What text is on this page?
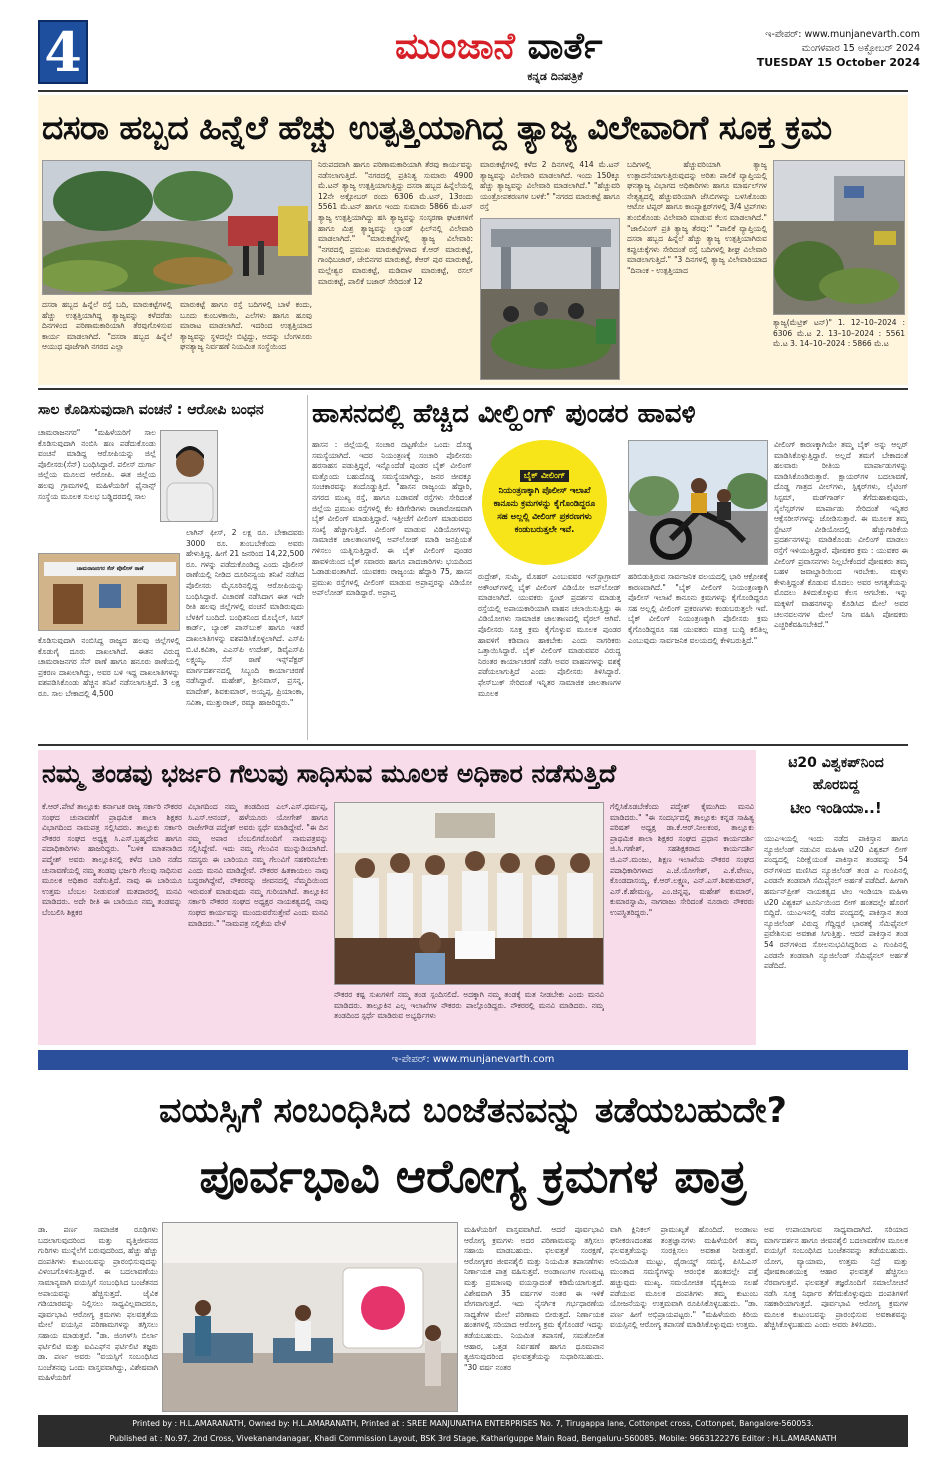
4	ಮುಂಜಾನೆ ವಾರ್ತೆ
ಕನ್ನಡ ದಿನಪತ್ರಿಕೆ
ಇ-ಪೇಪರ್: www.munjanevarth.com
ಮಂಗಳವಾರ 15 ಅಕ್ಟೋಬರ್ 2024
TUESDAY 15 October 2024
ದಸರಾ ಹಬ್ಬದ ಹಿನ್ನೆಲೆ ಹೆಚ್ಚು ಉತ್ಪತ್ತಿಯಾಗಿದ್ದ ತ್ಯಾಜ್ಯ ವಿಲೇವಾರಿಗೆ ಸೂಕ್ತ ಕ್ರಮ
ದಸರಾ ಹಬ್ಬದ ಹಿನ್ನೆಲೆ ರಸ್ತೆ ಬದಿ, ಮಾರುಕಟ್ಟೆಗಳಲ್ಲಿ ಹೆಚ್ಚು ಉತ್ಪತ್ತಿಯಾಗಿದ್ದ ತ್ಯಾಜ್ಯವನ್ನು ಕಳೆದರೆಡು ದಿನಗಳಿಂದ ಪರಿಣಾಮಕಾರಿಯಾಗಿ ತೆರವುಗೊಳಿಸುವ ಕಾರ್ಯ ಮಾಡಲಾಗಿದೆ. "ದಸರಾ ಹಬ್ಬದ ಹಿನ್ನೆಲೆ ಆಯುಧ ಪೂಜೆಗಾಗಿ ನಗರದ ಎಲ್ಲಾ
ಮಾರುಕಟ್ಟೆ ಹಾಗೂ ರಸ್ತೆ ಬದಿಗಳಲ್ಲಿ ಬಾಳೆ ಕಂದು, ಬೂದು ಕುಂಬಳಕಾಯಿ, ಎಲೆಗಳು ಹಾಗೂ ಹೂವು ಮಾರಾಟ ಮಾಡಲಾಗಿದೆ. ಇದರಿಂದ ಉತ್ಪತ್ತಿಯಾದ ತ್ಯಾಜ್ಯವನ್ನು ಸ್ಥಳದಲ್ಲೇ ಬಿಟ್ಟಿದ್ದು, ಅದನ್ನು ಬೆಂಗಳೂರು ಘನತ್ಯಾಜ್ಯ ನಿರ್ವಹಣೆ ನಿಯಮಿತ ಸಂಸ್ಥೆಯಿಂದ
ನಿರುಪದವಾಗಿ ಹಾಗೂ ಪರಿಣಾಮಕಾರಿಯಾಗಿ ತೆರವು ಕಾರ್ಯವನ್ನು ನಡೆಸಲಾಗುತ್ತಿದೆ. "ನಗರದಲ್ಲಿ ಪ್ರತಿನಿತ್ಯ ಸುಮಾರು 4900 ಮೆ.ಟನ್ ತ್ಯಾಜ್ಯ ಉತ್ಪತ್ತಿಯಾಗುತ್ತಿದ್ದು ದಸರಾ ಹಬ್ಬದ ಹಿನ್ನೆಲೆಯಲ್ಲಿ 12ನೇ ಅಕ್ಟೋಬರ್ ರಂದು 6306 ಮೆ.ಟನ್, 13ರಂದು 5561 ಮೆ.ಟನ್ ಹಾಗೂ ಇಂದು ಸುಮಾರು 5866 ಮೆ.ಟನ್ ತ್ಯಾಜ್ಯ ಉತ್ಪತ್ತಿಯಾಗಿದ್ದು ಹಸಿ ತ್ಯಾಜ್ಯವನ್ನು ಸಂಸ್ಕರಣಾ ಘಟಕಗಳಿಗೆ ಹಾಗೂ ಮಿಶ್ರ ತ್ಯಾಜ್ಯವನ್ನು ಲ್ಯಾಂಡ್ ಫಿಲ್‌ನಲ್ಲಿ ವಿಲೇವಾರಿ ಮಾಡಲಾಗಿದೆ." "ಮಾರುಕಟ್ಟೆಗಳಲ್ಲಿ ತ್ಯಾಜ್ಯ ವಿಲೇವಾರಿ: "ನಗರದಲ್ಲಿ ಪ್ರಮುಖ ಮಾರುಕಟ್ಟೆಗಳಾದ ಕೆ.ಆರ್ ಮಾರುಕಟ್ಟೆ, ಗಾಂಧಿಬಜಾರ್, ಜೇಬಿನಗರ ಮಾರುಕಟ್ಟೆ, ಕೆಆರ್ ಪುರ ಮಾರುಕಟ್ಟೆ, ಮಲ್ಲೇಶ್ವರ ಮಾರುಕಟ್ಟೆ, ಮಡಿವಾಳ ಮಾರುಕಟ್ಟೆ, ರಸಲ್ ಮಾರುಕಟ್ಟೆ, ಪಾಲಿಕೆ ಬಜಾರ್ ಸೇರಿದಂತೆ 12
ಮಾರುಕಟ್ಟೆಗಳಲ್ಲಿ ಕಳೆದ 2 ದಿನಗಳಲ್ಲಿ 414 ಮೆ.ಟನ್ ತ್ಯಾಜ್ಯವನ್ನು ವಿಲೇವಾರಿ ಮಾಡಲಾಗಿದೆ. ಇಂದು 150ಕ್ಕೂ ಹೆಚ್ಚು ತ್ಯಾಜ್ಯವನ್ನು ವಿಲೇವಾರಿ ಮಾಡಲಾಗಿದೆ." "ಹೆಚ್ಚುವರಿ ಯಂತ್ರೋಪಕರಣಗಳ ಬಳಕೆ:" "ನಗರದ ಮಾರುಕಟ್ಟೆ ಹಾಗೂ ರಸ್ತೆ
ಬದಿಗಳಲ್ಲಿ ಹೆಚ್ಚುವರಿಯಾಗಿ ತ್ಯಾಜ್ಯ ಉತ್ಪಾದನೆಯಾಗುತ್ತಿರುವುದನ್ನು ಅರಿತು ಪಾಲಿಕೆ ವ್ಯಾಪ್ತಿಯಲ್ಲಿ ಘನತ್ಯಾಜ್ಯ ವಿಭಾಗದ ಅಧಿಕಾರಿಗಳು ಹಾಗೂ ಮಾರ್ಷಲ್‌ಗಳ ನೇತೃತ್ವದಲ್ಲಿ ಹೆಚ್ಚುವರಿಯಾಗಿ ಜೆಸಿಬಿಗಳನ್ನು ಬಳಸಿಕೊಂಡು ಆಟೋ ಟಿಪ್ಪರ್ ಹಾಗೂ ಕಾಂಪ್ಯಾಕ್ಟರ್‌ಗಳಲ್ಲಿ 3/4 ಟ್ರಿಪ್‌ಗಳು ತುಂಬಿಕೊಂಡು ವಿಲೇವಾರಿ ಮಾಡುವ ಕೆಲಸ ಮಾಡಲಾಗಿದೆ." "ಜಾಲಿವಿಂಗ್ ಪ್ರತಿ ತ್ಯಾಜ್ಯ ತೆರವು:" "ಪಾಲಿಕೆ ವ್ಯಾಪ್ತಿಯಲ್ಲಿ ದಸರಾ ಹಬ್ಬದ ಹಿನ್ನೆಲೆ ಹೆಚ್ಚು ತ್ಯಾಜ್ಯ ಉತ್ಪತ್ತಿಯಾಗಿರುವ ಕಪ್ಪುಚುಕ್ಕೆಗಳು ಸೇರಿದಂತೆ ರಸ್ತೆ ಬದಿಗಳಲ್ಲಿ ಶೀಘ್ರ ವಿಲೇವಾರಿ ಮಾಡಲಾಗುತ್ತಿದೆ." "3 ದಿನಗಳಲ್ಲಿ ತ್ಯಾಜ್ಯ ವಿಲೇವಾರಿಯಾದ "ದಿನಾಂಕ - ಉತ್ಪತ್ತಿಯಾದ
ತ್ಯಾಜ್ಯ(ಮೆಟ್ರಿಕ್ ಟನ್)" 1. 12–10–2024 : 6306 ಮೆ.ಟ 2. 13–10–2024 : 5561 ಮೆ.ಟ 3. 14–10–2024 : 5866 ಮೆ.ಟ
ಸಾಲ ಕೊಡಿಸುವುದಾಗಿ ವಂಚನೆ : ಆರೋಪಿ ಬಂಧನ
ಚಾಮರಾಜನಗರ" "ಮಹಿಳೆಯರಿಗೆ ಸಾಲ ಕೊಡಿಸುವುದಾಗಿ ನಂಬಿಸಿ ಹಣ ಪಡೆದುಕೊಂಡು ವಂಚನೆ ಮಾಡಿದ್ದ ಆರೋಪಿಯನ್ನು ಜಿಲ್ಲೆ ಪೊಲೀಸರು(ಸೆನ್) ಬಂಧಿಸಿದ್ದಾರೆ. ಪಲೀಸ್ ದುರ್ಗಾ ಜಿಲ್ಲೆಯ ಮೂಲದ ಆರೋಪಿ. ಈತ ಜಿಲ್ಲೆಯ ಹಲವು ಗ್ರಾಮಗಳಲ್ಲಿ ಮಹಿಳೆಯರಿಗೆ ಫೈನಾನ್ಸ್ ಸಂಸ್ಥೆಯ ಮೂಲಕ ಸುಲಭ ಬಡ್ಡಿದರದಲ್ಲಿ ಸಾಲ
ಚಾಮರಾಜನಗರ ಸೆನ್ ಪೊಲೀಸ್ ಠಾಣೆ
ಕೊಡಿಸುವುದಾಗಿ ನಂಬಿಸಿದ್ದ ರಾಜ್ಯದ ಹಲವು ಜಿಲ್ಲೆಗಳಲ್ಲಿ ಕೊಡುಗೈ ದೂರು ದಾಖಲಾಗಿದೆ. ಈತನ ವಿರುದ್ಧ ಚಾಮರಾಜನಗರ ಸೆನ್ ಠಾಣೆ ಹಾಗೂ ಹನೂರು ಠಾಣೆಯಲ್ಲಿ ಪ್ರಕರಣ ದಾಖಲಾಗಿದ್ದು, ಅವರ ಬಳಿ ಇದ್ದ ದಾಖಲಾತಿಗಳನ್ನು ವಶಪಡಿಸಿಕೊಂಡು ಹೆಚ್ಚಿನ ತನಿಖೆ ನಡೆಸಲಾಗುತ್ತಿದೆ. 3 ಲಕ್ಷ ರೂ. ಸಾಲ ಬೇಕಾದಲ್ಲಿ 4,500
ಲಾಗಿನ್ ಫೀಸ್, 2 ಲಕ್ಷ ರೂ. ಬೇಕಾದವರು 3000 ರೂ. ತುಂಬಬೇಕೆಂದು ಅವರು ಹೇಳುತ್ತಿದ್ದ. ಹೀಗೆ 21 ಜನರಿಂದ 14,22,500 ರೂ. ಗಳನ್ನು ಪಡೆದುಕೊಂಡಿದ್ದ ಎಂದು ಪೊಲೀಸ್ ಠಾಣೆಯಲ್ಲಿ ನೀಡಿದ ದೂರಿನನ್ವಯ ತನಿಖೆ ನಡೆಸಿದ ಪೊಲೀಸರು ಮೈಸೂರಿನಲ್ಲಿದ್ದ ಆರೋಪಿಯನ್ನು ಬಂಧಿಸಿದ್ದಾರೆ. ವಿಚಾರಣೆ ನಡೆಸಿದಾಗ ಈತ ಇದೇ ರೀತಿ ಹಲವು ಜಿಲ್ಲೆಗಳಲ್ಲಿ ವಂಚನೆ ಮಾಡಿರುವುದು ಬೆಳಕಿಗೆ ಬಂದಿದೆ. ಬಂಧಿತನಿಂದ ಮೊಬೈಲ್, ಸಿಮ್ ಕಾರ್ಡ್, ಬ್ಯಾಂಕ್ ಪಾಸ್‌ಬುಕ್ ಹಾಗೂ ಇತರೆ ದಾಖಲಾತಿಗಳನ್ನು ವಶಪಡಿಸಿಕೊಳ್ಳಲಾಗಿದೆ. ಎಸ್‌ಪಿ ಬಿ.ಟಿ.ಕವಿತಾ, ಎಎಸ್‌ಪಿ ಉದೇಶ್, ಡಿವೈಎಸ್‌ಪಿ ಲಕ್ಷ್ಮಯ್ಯ, ಸೆನ್ ಠಾಣೆ ಇನ್ಸ್‌ಪೆಕ್ಟರ್ ಮಾರ್ಗದರ್ಶನದಲ್ಲಿ ಸಿಬ್ಬಂದಿ ಕಾರ್ಯಾಚರಣೆ ನಡೆಸಿದ್ದಾರೆ. ಮಹೇಶ್, ಶ್ರೀನಿವಾಸ್, ಪ್ರಸನ್ನ, ಮಾದೇಶ್, ಶಿವಕುಮಾರ್, ಅಯ್ಯಪ್ಪ, ಪ್ರಿಯಾಂಕಾ, ಸವಿತಾ, ಮುತ್ತುರಾಜ್, ರಮ್ಯಾ ಹಾಜರಿದ್ದರು."
ಹಾಸನದಲ್ಲಿ ಹೆಚ್ಚಿದ ವೀಲ್ಹಿಂಗ್ ಪುಂಡರ ಹಾವಳಿ
ಹಾಸನ : ಜಿಲ್ಲೆಯಲ್ಲಿ ಸಂಚಾರ ದಟ್ಟಣೆಯೇ ಒಂದು ದೊಡ್ಡ ಸಮಸ್ಯೆಯಾಗಿದೆ. ಇದರ ನಿಯಂತ್ರಣಕ್ಕೆ ಸಂಚಾರಿ ಪೊಲೀಸರು ಹರಸಾಹಸ ಪಡುತ್ತಿದ್ದರೆ, ಇನ್ನೊಂದೆಡೆ ಪುಂಡರ ಬೈಕ್ ವೀಲಿಂಗ್ ಮತ್ತೊಂದು ಬಹುದೊಡ್ಡ ಸಮಸ್ಯೆಯಾಗಿದ್ದು, ಜನರ ಜೀವಕ್ಕೂ ಸಂಚಕಾರವನ್ನು ತಂದೊಡ್ಡುತ್ತಿದೆ. "ಹಾಸನ ರಾಜ್ಯಂಯ ಹೆದ್ದಾರಿ, ನಗರದ ಮುಖ್ಯ ರಸ್ತೆ, ಹಾಗೂ ಬಡಾವಣೆ ರಸ್ತೆಗಳು ಸೇರಿದಂತೆ ಜಿಲ್ಲೆಯ ಪ್ರಮುಖ ರಸ್ತೆಗಳಲ್ಲಿ ಕೆಲ ಕಿಡಿಗೇಡಿಗಳು ರಾಜಾರೋಷವಾಗಿ ಬೈಕ್ ವೀಲಿಂಗ್ ಮಾಡುತ್ತಿದ್ದಾರೆ. ಇತ್ತೀಚೆಗೆ ವೀಲಿಂಗ್ ಮಾಡುವವರ ಸಂಖ್ಯೆ ಹೆಚ್ಚಾಗುತ್ತಿದೆ. ವೀಲಿಂಗ್ ಮಾಡುವ ವಿಡಿಯೋಗಳನ್ನು ಸಾಮಾಜಿಕ ಜಾಲತಾಣಗಳಲ್ಲಿ ಅಪ್‌ಲೋಡ್ ಮಾಡಿ ಜನಪ್ರಿಯತೆ ಗಳಿಸಲು ಯತ್ನಿಸುತ್ತಿದ್ದಾರೆ. ಈ ಬೈಕ್ ವೀಲಿಂಗ್ ಪುಂಡರ ಹಾವಳಿಯಿಂದ ಬೈಕ್ ಸವಾರರು ಹಾಗೂ ಪಾದಚಾರಿಗಳು ಭಯದಿಂದ ಓಡಾಡುವಂತಾಗಿದೆ. ಯುವಕರು ರಾಜ್ಯಂಯ ಹೆದ್ದಾರಿ 75, ಹಾಸನ ಪ್ರಮುಖ ರಸ್ತೆಗಳಲ್ಲಿ ವೀಲಿಂಗ್ ಮಾಡುವ ಅಪ್ರಾಪ್ತರನ್ನು ವಿಡಿಯೋ ಅಪ್‌ಲೋಡ್ ಮಾಡಿದ್ದಾರೆ. ಅಪ್ರಾಪ್ತ
ಬೈಕ್ ವೀಲಿಂಗ್
ನಿಯಂತ್ರಣಕ್ಕಾಗಿ ಪೊಲೀಸ್ ಇಲಾಖೆ ಕಾನೂನು ಕ್ರಮಗಳನ್ನು ಕೈಗೊಂಡಿದ್ದರೂ ಸಹ ಅಲ್ಲಲ್ಲಿ ವೀಲಿಂಗ್ ಪ್ರಕರಣಗಳು ಕಂಡುಬರುತ್ತಲೇ ಇವೆ.
ರುದ್ರೇಶ್, ಸುಮ್ಮಿ, ಮೊಹರ್ ಎಂಬುವವರ ಇನ್‌ಸ್ಟಾಗ್ರಾಮ್ ಅಕೌಂಟ್‌ಗಳಲ್ಲಿ ಬೈಕ್ ವೀಲಿಂಗ್ ವಿಡಿಯೋ ಅಪ್‌ಲೋಡ್ ಮಾಡಲಾಗಿದೆ. ಯುವಕರು ಸ್ಟಂಟ್ ಪ್ರದರ್ಶನ ಮಾಡುತ್ತ ರಸ್ತೆಯಲ್ಲಿ ಅಪಾಯಕಾರಿಯಾಗಿ ವಾಹನ ಚಲಾಯಿಸುತ್ತಿದ್ದು ಈ ವಿಡಿಯೋಗಳು ಸಾಮಾಜಿಕ ಜಾಲತಾಣದಲ್ಲಿ ವೈರಲ್ ಆಗಿವೆ. ಪೊಲೀಸರು ಸೂಕ್ತ ಕ್ರಮ ಕೈಗೊಳ್ಳುವ ಮೂಲಕ ಪುಂಡರ ಹಾವಳಿಗೆ ಕಡಿವಾಣ ಹಾಕಬೇಕು ಎಂದು ನಾಗರಿಕರು ಒತ್ತಾಯಿಸಿದ್ದಾರೆ. ಬೈಕ್ ವೀಲಿಂಗ್ ಮಾಡುವವರ ವಿರುದ್ಧ ನಿರಂತರ ಕಾರ್ಯಾಚರಣೆ ನಡೆಸಿ ಅವರ ವಾಹನಗಳನ್ನು ವಶಕ್ಕೆ ಪಡೆಯಲಾಗುತ್ತಿದೆ ಎಂದು ಪೊಲೀಸರು ತಿಳಿಸಿದ್ದಾರೆ. ಫೇಸ್‌ಬುಕ್ ಸೇರಿದಂತೆ ಇನ್ನಿತರ ಸಾಮಾಜಿಕ ಜಾಲತಾಣಗಳ ಮೂಲಕ
ಹರಿಬಿಡುತ್ತಿರುವ ಸಾರ್ವಜನಿಕ ವಲಯದಲ್ಲಿ ಭಾರಿ ಆಕ್ರೋಶಕ್ಕೆ ಕಾರಣವಾಗಿದೆ." "ಬೈಕ್ ವೀಲಿಂಗ್ ನಿಯಂತ್ರಣಕ್ಕಾಗಿ ಪೊಲೀಸ್ ಇಲಾಖೆ ಕಾನೂನು ಕ್ರಮಗಳನ್ನು ಕೈಗೊಂಡಿದ್ದರೂ ಸಹ ಅಲ್ಲಲ್ಲಿ ವೀಲಿಂಗ್ ಪ್ರಕರಣಗಳು ಕಂಡುಬರುತ್ತಲೇ ಇವೆ. ಬೈಕ್ ವೀಲಿಂಗ್ ನಿಯಂತ್ರಣಕ್ಕಾಗಿ ಪೊಲೀಸರು ಕ್ರಮ ಕೈಗೊಂಡಿದ್ದರೂ ಸಹ ಯುವಕರು ಮಾತ್ರ ಬುದ್ಧಿ ಕಲಿತಿಲ್ಲ ಎಂಬುವುದು ಸಾರ್ವಜನಿಕ ವಲಯದಲ್ಲಿ ಕೇಳಿಬರುತ್ತಿದೆ."
ವೀಲಿಂಗ್ ಕಾರಣಕ್ಕಾಗಿಯೇ ತಮ್ಮ ಬೈಕ್ ಅನ್ನು ಆಲ್ಟರ್ ಮಾಡಿಸಿಕೊಳ್ಳುತ್ತಿದ್ದಾರೆ. ಅಲ್ಲದೆ ತಮಗೆ ಬೇಕಾದಂತೆ ಹಲವಾರು ರೀತಿಯ ಮಾರ್ಪಾಡುಗಳನ್ನು ಮಾಡಿಸಿಕೊಂಡಿರುತ್ತಾರೆ. ಕ್ಷಾಯರ್‌ಗಳ ಬದಲಾವಣೆ, ದೊಡ್ಡ ಗಾತ್ರದ ವೀಲ್‌ಗಳು, ಸ್ಟಿಕ್ಕರ್‌ಗಳು, ಲೈಟಿಂಗ್ ಸಿಸ್ಟಮ್, ಮಡ್‌ಗಾರ್ಡ್ ತೆಗೆದುಹಾಕುವುದು, ಸೈಲೆನ್ಸರ್‌ಗಳ ಮಾರ್ಪಾಡು ಸೇರಿದಂತೆ ಇನ್ನಿತರ ಆಕ್ಸೆಸರೀಸ್‌ಗಳನ್ನು ಜೋಡಿಸುತ್ತಾರೆ. ಈ ಮೂಲಕ ತಮ್ಮ ಸ್ಟೇಟಸ್ ವೀಡಿಯೋದಲ್ಲಿ ಹೆಚ್ಚುಗಾರಿಕೆಯ ಪ್ರದರ್ಶನಗಳನ್ನು ಮಾಡಿಕೊಂಡು ವೀಲಿಂಗ್ ಮಾಡಲು ರಸ್ತೆಗೆ ಇಳಿಯುತ್ತಿದ್ದಾರೆ. ಪೋಷಕರ ಕ್ರಮ : ಯುವಕರ ಈ ವೀಲಿಂಗ್ ಪ್ರವಾಸನಗಳು ನಿಲ್ಲಬೇಕೆಂದರೆ ಪೋಷಕರು ತಮ್ಮ ಬಹಳ ಜವಾಬ್ದಾರಿಯಿಂದ ಇರಬೇಕು. ಮಕ್ಕಳು ಕೇಳುತ್ತಿದ್ದಂತೆ ಕೊಡುವ ಮೊದಲು ಅವರ ಅಗತ್ಯತೆಯನ್ನು ಮೊದಲು ತಿಳಿದುಕೊಳ್ಳುವ ಕೆಲಸ ಆಗಬೇಕು. ಇನ್ನು ಮಕ್ಕಳಿಗೆ ವಾಹನಗಳನ್ನು ಕೊಡಿಸಿದ ಮೇಲೆ ಅವರ ಚಲನವಲನಗಳ ಮೇಲೆ ನಿಗಾ ವಹಿಸಿ ಪೋಷಕರು ಎಚ್ಚರಿಕೆವಹಿಸಬೇಕಿದೆ."
ನಮ್ಮ ತಂಡವು ಭರ್ಜರಿ ಗೆಲುವು ಸಾಧಿಸುವ ಮೂಲಕ ಅಧಿಕಾರ ನಡೆಸುತ್ತಿದೆ
ಕೆ.ಆರ್.ಪೇಟೆ ತಾಲ್ಲೂಕು ಕರ್ನಾಟಕ ರಾಜ್ಯ ಸರ್ಕಾರಿ ನೌಕರರ ಸಂಘದ ಚುನಾವಣೆಗೆ ಪ್ರಾಥಮಿಕ ಶಾಲಾ ಶಿಕ್ಷಕರ ವಿಭಾಗದಿಂದ ನಾಮಪತ್ರ ಸಲ್ಲಿಸಿದರು. ತಾಲ್ಲೂಕು ಸರ್ಕಾರಿ ನೌಕರರ ಸಂಘದ ಅಧ್ಯಕ್ಷ ಸಿ.ಎಸ್.ಬ್ರಹ್ಮದೇವ ಹಾಗೂ ಪದಾಧಿಕಾರಿಗಳು ಹಾಜರಿದ್ದರು. "ಬಳಿಕ ಮಾತನಾಡಿದ ಪದ್ಮೇಶ್ ಅವರು ತಾಲ್ಲೂಕಿನಲ್ಲಿ ಕಳೆದ ಬಾರಿ ನಡೆದ ಚುನಾವಣೆಯಲ್ಲಿ ನಮ್ಮ ತಂಡವು ಭರ್ಜರಿ ಗೆಲುವು ಸಾಧಿಸುವ ಮೂಲಕ ಅಧಿಕಾರ ನಡೆಸುತ್ತಿದೆ. ನಾವು ಈ ಬಾರಿಯೂ ಉತ್ತಮ ಬೆಂಬಲ ನೀಡುವಂತೆ ಮತದಾರರಲ್ಲಿ ಮನವಿ ಮಾಡಿದರು. ಅದೇ ರೀತಿ ಈ ಬಾರಿಯೂ ನಮ್ಮ ತಂಡವನ್ನು ಬೆಂಬಲಿಸಿ ಶಿಕ್ಷಕರ
ವಿಭಾಗದಿಂದ ನಮ್ಮ ತಂಡದಿಂದ ಎಲ್.ಎಸ್.ಧರ್ಮಪ್ಪ, ಸಿ.ಎಸ್.ಆನಂದ್, ಹಳೆಯೂರು ಯೋಗೇಶ್ ಹಾಗೂ ರಾಜೇಗೌಡ ಪದ್ಮೇಶ್ ಅವರು ಸ್ಪರ್ಧೆ ಮಾಡಿದ್ದೇವೆ. "ಈ ದಿನ ನಮ್ಮ ಅಪಾರ ಬೆಂಬಲಿಗರೊಂದಿಗೆ ನಾಮಪತ್ರವನ್ನು ಸಲ್ಲಿಸಿದ್ದೇವೆ. ಇದು ನಮ್ಮ ಗೆಲುವಿನ ಮುನ್ನುಡಿಯಾಗಿದೆ. ಸದಸ್ಯರು ಈ ಬಾರಿಯೂ ನಮ್ಮ ಗೆಲುವಿಗೆ ಸಹಕರಿಸಬೇಕು ಎಂದು ಮನವಿ ಮಾಡಿದ್ದೇವೆ. ನೌಕರರ ಹಿತಕಾಯಲು ನಾವು ಬದ್ಧರಾಗಿದ್ದೇವೆ, ನೌಕರರನ್ನು ಜೀವನದಲ್ಲಿ ನೆಮ್ಮದಿಯಿಂದ ಇರುವಂತೆ ಮಾಡುವುದು ನಮ್ಮ ಗುರಿಯಾಗಿದೆ. ತಾಲ್ಲೂಕಿನ ಸರ್ಕಾರಿ ನೌಕರರ ಸಂಘದ ಅಧ್ಯಕ್ಷರ ನಾಯಕತ್ವದಲ್ಲಿ ನಾವು ಸಂಘದ ಕಾರ್ಯವನ್ನು ಮುಂದುವರೆಸುತ್ತೇವೆ ಎಂದು ಮನವಿ ಮಾಡಿದರು." "ನಾಮಪತ್ರ ಸಲ್ಲಿಕೆಯ ವೇಳೆ
ನೌಕರರ ಕಷ್ಟ ಸುಖಗಳಿಗೆ ನಮ್ಮ ತಂಡ ಸ್ಪಂದಿಸಲಿದೆ. ಅದಕ್ಕಾಗಿ ನಮ್ಮ ತಂಡಕ್ಕೆ ಮತ ನೀಡಬೇಕು ಎಂದು ಮನವಿ ಮಾಡಿದರು. ತಾಲ್ಲೂಕಿನ ಎಲ್ಲ ಇಲಾಖೆಗಳ ನೌಕರರು ಪಾಲ್ಗೊಂಡಿದ್ದರು. ನೌಕರರಲ್ಲಿ ಮನವಿ ಮಾಡಿದರು. ನಮ್ಮ ತಂಡದಿಂದ ಸ್ಪರ್ಧೆ ಮಾಡಿರುವ ಅಭ್ಯರ್ಥಿಗಳು
ಗೆಲ್ಲಿಸಿಕೊಡಬೇಕೆಂದು ಪದ್ಮೇಶ್ ಕೈಮುಗಿದು ಮನವಿ ಮಾಡಿದರು." "ಈ ಸಂದರ್ಭದಲ್ಲಿ ತಾಲ್ಲೂಕು ಕನ್ನಡ ಸಾಹಿತ್ಯ ಪರಿಷತ್ ಅಧ್ಯಕ್ಷ ಡಾ.ಕೆ.ಆರ್.ನೀಲಕಂಠ, ತಾಲ್ಲೂಕು ಪ್ರಾಥಮಿಕ ಶಾಲಾ ಶಿಕ್ಷಕರ ಸಂಘದ ಪ್ರಧಾನ ಕಾರ್ಯದರ್ಶಿ ಜಿ.ಸಿ.ಗಣೇಶ್, ಸಹಶಿಕ್ಷಕರಾದ ಕಾರ್ಯದರ್ಶಿ ಜಿ.ಎನ್.ಮಂಜು, ಶಿಕ್ಷಣ ಇಲಾಖೆಯ ನೌಕರರ ಸಂಘದ ಪದಾಧಿಕಾರಿಗಳಾದ ಎ.ಜೆ.ಯೋಗೇಶ್, ಎ.ಕೆ.ವೇಣು, ಕೊಂಡದಾಸಯ್ಯ, ಕೆ.ಆರ್.ಲಕ್ಷ್ಮಣ, ಎನ್.ಎಸ್.ಶಿವಕುಮಾರ್, ಎಸ್.ಕೆ.ಹೇಮಣ್ಣ, ಎಂ.ಚಿನ್ನಪ್ಪ, ಮಹೇಶ್ ಕುಮಾರ್, ಕುಮಾರಸ್ವಾಮಿ, ನಾಗರಾಜು ಸೇರಿದಂತೆ ನೂರಾರು ನೌಕರರು ಉಪಸ್ಥಿತರಿದ್ದರು."
ಟಿ20 ವಿಶ್ವಕಪ್‌ನಿಂದ
ಹೊರಬಿದ್ದ
ಟೀಂ ಇಂಡಿಯಾ..!
ಯುಎಇಯಲ್ಲಿ ಇಂದು ನಡೆದ ಪಾಕಿಸ್ತಾನ ಹಾಗೂ ನ್ಯೂಜಿಲೆಂಡ್ ನಡುವಿನ ಮಹಿಳಾ ಟಿ20 ವಿಶ್ವಕಪ್ ಲೀಗ್ ಪಂದ್ಯದಲ್ಲಿ ನಿರೀಕ್ಷೆಯಂತೆ ಪಾಕಿಸ್ತಾನ ತಂಡವನ್ನು 54 ರನ್‌ಗಳಿಂದ ಮಣಿಸಿದ ನ್ಯೂಜಿಲೆಂಡ್ ತಂಡ ಎ ಗುಂಪಿನಲ್ಲಿ ಎರಡನೇ ತಂಡವಾಗಿ ಸೆಮಿಫೈನಲ್ ಅರ್ಹತೆ ಪಡೆದಿದೆ. ಹೀಗಾಗಿ ಹರ್ಮನ್‌ಪ್ರೀತ್ ನಾಯಕತ್ವದ ಟೀಂ ಇಂಡಿಯಾ ಮಹಿಳಾ ಟಿ20 ವಿಶ್ವಕಪ್ ಟೂರ್ನಿಯಿಂದ ಲೀಗ್ ಹಂತದಲ್ಲೇ ಹೊರಗೆ ಬಿದ್ದಿದೆ. ಯುಎಇನಲ್ಲಿ ನಡೆದ ಪಂದ್ಯದಲ್ಲಿ ಪಾಕಿಸ್ತಾನ ತಂಡ ನ್ಯೂಜಿಲೆಂಡ್ ವಿರುದ್ಧ ಗೆದ್ದಿದ್ದರೆ ಭಾರತಕ್ಕೆ ಸೆಮಿಫೈನಲ್ ಪ್ರವೇಶಿಸುವ ಅವಕಾಶ ಸಿಗುತ್ತಿತ್ತು. ಆದರೆ ಪಾಕಿಸ್ತಾನ ತಂಡ 54 ರನ್‌ಗಳಿಂದ ಸೋಲನುಭವಿಸಿದ್ದರಿಂದ ಎ ಗುಂಪಿನಲ್ಲಿ ಎರಡನೇ ತಂಡವಾಗಿ ನ್ಯೂಜಿಲೆಂಡ್ ಸೆಮಿಫೈನಲ್ ಅರ್ಹತೆ ಪಡೆದಿದೆ.
ಇ-ಪೇಪರ್: www.munjanevarth.com
ವಯಸ್ಸಿಗೆ ಸಂಬಂಧಿಸಿದ ಬಂಜೆತನವನ್ನು ತಡೆಯಬಹುದೇ?
ಪೂರ್ವಭಾವಿ ಆರೋಗ್ಯ ಕ್ರಮಗಳ ಪಾತ್ರ
ಡಾ. ಪರ್ಣ ಸಾಮಾಜಿಕ ರೂಢಿಗಳು ಬದಲಾಗುವುದರಿಂದ ಮತ್ತು ವೃತ್ತಿಜೀವನದ ಗುರಿಗಳು ಮುನ್ನೆಲೆಗೆ ಬರುವುದರಿಂದ, ಹೆಚ್ಚು ಹೆಚ್ಚು ದಂಪತಿಗಳು ಕುಟುಂಬವನ್ನು ಪ್ರಾರಂಭಿಸುವುದನ್ನು ವಿಳಂಬಗೊಳಿಸುತ್ತಿದ್ದಾರೆ. ಈ ಬದಲಾವಣೆಯು ಸಾಮಾನ್ಯವಾಗಿ ವಯಸ್ಸಿಗೆ ಸಂಬಂಧಿಸಿದ ಬಂಜೆತನದ ಅಪಾಯವನ್ನು ಹೆಚ್ಚಿಸುತ್ತದೆ. ಜೈವಿಕ ಗಡಿಯಾರವನ್ನು ನಿಲ್ಲಿಸಲು ಸಾಧ್ಯವಿಲ್ಲವಾದರೂ, ಪೂರ್ವಭಾವಿ ಆರೋಗ್ಯ ಕ್ರಮಗಳು ಫಲವತ್ತತೆಯ ಮೇಲೆ ವಯಸ್ಸಿನ ಪರಿಣಾಮಗಳನ್ನು ತಗ್ಗಿಸಲು ಸಹಾಯ ಮಾಡುತ್ತವೆ. "ಡಾ. ಜಿಂಗಳ್‌ಸಿ ಬಿರ್ಲಾ ಫರ್ಟಿಲಿಟಿ ಮತ್ತು ಐವಿಎಫ್‌ನ ಫರ್ಟಿಲಿಟಿ ತಜ್ಞರು ಡಾ. ಪರ್ಣ ಅವರು "ವಯಸ್ಸಿಗೆ ಸಂಬಂಧಿಸಿದ ಬಂಜೆತನವು ಒಂದು ವಾಸ್ತವವಾಗಿದ್ದು, ವಿಶೇಷವಾಗಿ ಮಹಿಳೆಯರಿಗೆ
ಮಹಿಳೆಯರಿಗೆ ವಾಸ್ತವವಾಗಿದೆ. ಆದರೆ ಪೂರ್ವಭಾವಿ ಆರೋಗ್ಯ ಕ್ರಮಗಳು ಅದರ ಪರಿಣಾಮವನ್ನು ತಗ್ಗಿಸಲು ಸಹಾಯ ಮಾಡಬಹುದು. ಫಲವತ್ತತೆ ಸಂರಕ್ಷಣೆ, ಆರೋಗ್ಯಕರ ಜೀವನಶೈಲಿ ಮತ್ತು ನಿಯಮಿತ ತಪಾಸಣೆಗಳು ನಿರ್ಣಾಯಕ ಪಾತ್ರ ವಹಿಸುತ್ತವೆ. ಅಂಡಾಣುಗಳ ಗುಣಮಟ್ಟ ಮತ್ತು ಪ್ರಮಾಣವು ವಯಸ್ಸಾದಂತೆ ಕಡಿಮೆಯಾಗುತ್ತದೆ. ವಿಶೇಷವಾಗಿ 35 ವರ್ಷಗಳ ನಂತರ ಈ ಇಳಿಕೆ ವೇಗವಾಗುತ್ತದೆ. ಇದು ನೈಸರ್ಗಿಕ ಗರ್ಭಧಾರಣೆಯ ಸಾಧ್ಯತೆಗಳ ಮೇಲೆ ಪರಿಣಾಮ ಬೀರುತ್ತದೆ. ನಿರ್ಣಾಯಕ ಹಂತಗಳಲ್ಲಿ ಸರಿಯಾದ ಆರೋಗ್ಯ ಕ್ರಮ ಕೈಗೊಂಡರೆ ಇದನ್ನು ತಡೆಯಬಹುದು. ನಿಯಮಿತ ತಪಾಸಣೆ, ಸಮತೋಲಿತ ಆಹಾರ, ಒತ್ತಡ ನಿರ್ವಹಣೆ ಹಾಗೂ ಧೂಮಪಾನ ತ್ಯಜಿಸುವುದರಿಂದ ಫಲವತ್ತತೆಯನ್ನು ಸುಧಾರಿಸಬಹುದು. "30 ವರ್ಷ ನಂತರ
ವಾಗಿ ಕ್ಲಿನಿಕಲ್ ಪ್ರಾಮುಖ್ಯತೆ ಹೊಂದಿದೆ. ಅಂಡಾಣು ಘನೀಕರಣದಂತಹ ತಂತ್ರಜ್ಞಾನಗಳು ಮಹಿಳೆಯರಿಗೆ ತಮ್ಮ ಫಲವತ್ತತೆಯನ್ನು ಸಂರಕ್ಷಿಸಲು ಅವಕಾಶ ನೀಡುತ್ತವೆ. ಅನಿಯಮಿತ ಮುಟ್ಟು, ಥೈರಾಯ್ಡ್ ಸಮಸ್ಯೆ, ಪಿಸಿಓಎಸ್ ಮುಂತಾದ ಸಮಸ್ಯೆಗಳನ್ನು ಆರಂಭಿಕ ಹಂತದಲ್ಲೇ ಪತ್ತೆ ಹಚ್ಚುವುದು ಮುಖ್ಯ. ಸಮಯೋಚಿತ ವೈದ್ಯಕೀಯ ಸಲಹೆ ಪಡೆಯುವ ಮೂಲಕ ದಂಪತಿಗಳು ತಮ್ಮ ಕುಟುಂಬ ಯೋಜನೆಯನ್ನು ಉತ್ತಮವಾಗಿ ರೂಪಿಸಿಕೊಳ್ಳಬಹುದು. "ಡಾ. ಪರ್ಣ ಹೀಗೆ ಅಭಿಪ್ರಾಯಪಟ್ಟರು." "ಮಹಿಳೆಯರು ಕಿರಿಯ ವಯಸ್ಸಿನಲ್ಲಿ ಆರೋಗ್ಯ ತಪಾಸಣೆ ಮಾಡಿಸಿಕೊಳ್ಳುವುದು ಉತ್ತಮ.
ಅವ ಉಪಾಯಾಗುವ ಸಾಧ್ಯವಾದಾಗಿದೆ. ಸರಿಯಾದ ಮಾರ್ಗದರ್ಶನ ಹಾಗೂ ಜೀವನಶೈಲಿ ಬದಲಾವಣೆಗಳ ಮೂಲಕ ವಯಸ್ಸಿಗೆ ಸಂಬಂಧಿಸಿದ ಬಂಜೆತನವನ್ನು ತಡೆಯಬಹುದು. ಯೋಗ, ವ್ಯಾಯಾಮ, ಉತ್ತಮ ನಿದ್ರೆ ಮತ್ತು ಪೋಷಕಾಂಶಯುಕ್ತ ಆಹಾರ ಫಲವತ್ತತೆ ಹೆಚ್ಚಿಸಲು ನೆರವಾಗುತ್ತವೆ. ಫಲವತ್ತತೆ ತಜ್ಞರೊಂದಿಗೆ ಸಮಾಲೋಚನೆ ನಡೆಸಿ ಸೂಕ್ತ ನಿರ್ಧಾರ ತೆಗೆದುಕೊಳ್ಳುವುದು ದಂಪತಿಗಳಿಗೆ ಸಹಕಾರಿಯಾಗುತ್ತದೆ. ಪೂರ್ವಭಾವಿ ಆರೋಗ್ಯ ಕ್ರಮಗಳ ಮೂಲಕ ಕುಟುಂಬವನ್ನು ಪ್ರಾರಂಭಿಸುವ ಅವಕಾಶವನ್ನು ಹೆಚ್ಚಿಸಿಕೊಳ್ಳಬಹುದು ಎಂದು ಅವರು ತಿಳಿಸಿದರು.
Printed by : H.L.AMARANATH, Owned by: H.L.AMARANATH, Printed at : SREE MANJUNATHA ENTERPRISES No. 7, Tirugappa lane, Cottonpet cross, Cottonpet, Bangalore-560053.
Published at : No.97, 2nd Cross, Vivekanandanagar, Khadi Commission Layout, BSK 3rd Stage, Kathariguppe Main Road, Bengaluru-560085. Mobile: 9663122276 Editor : H.L.AMARANATH
